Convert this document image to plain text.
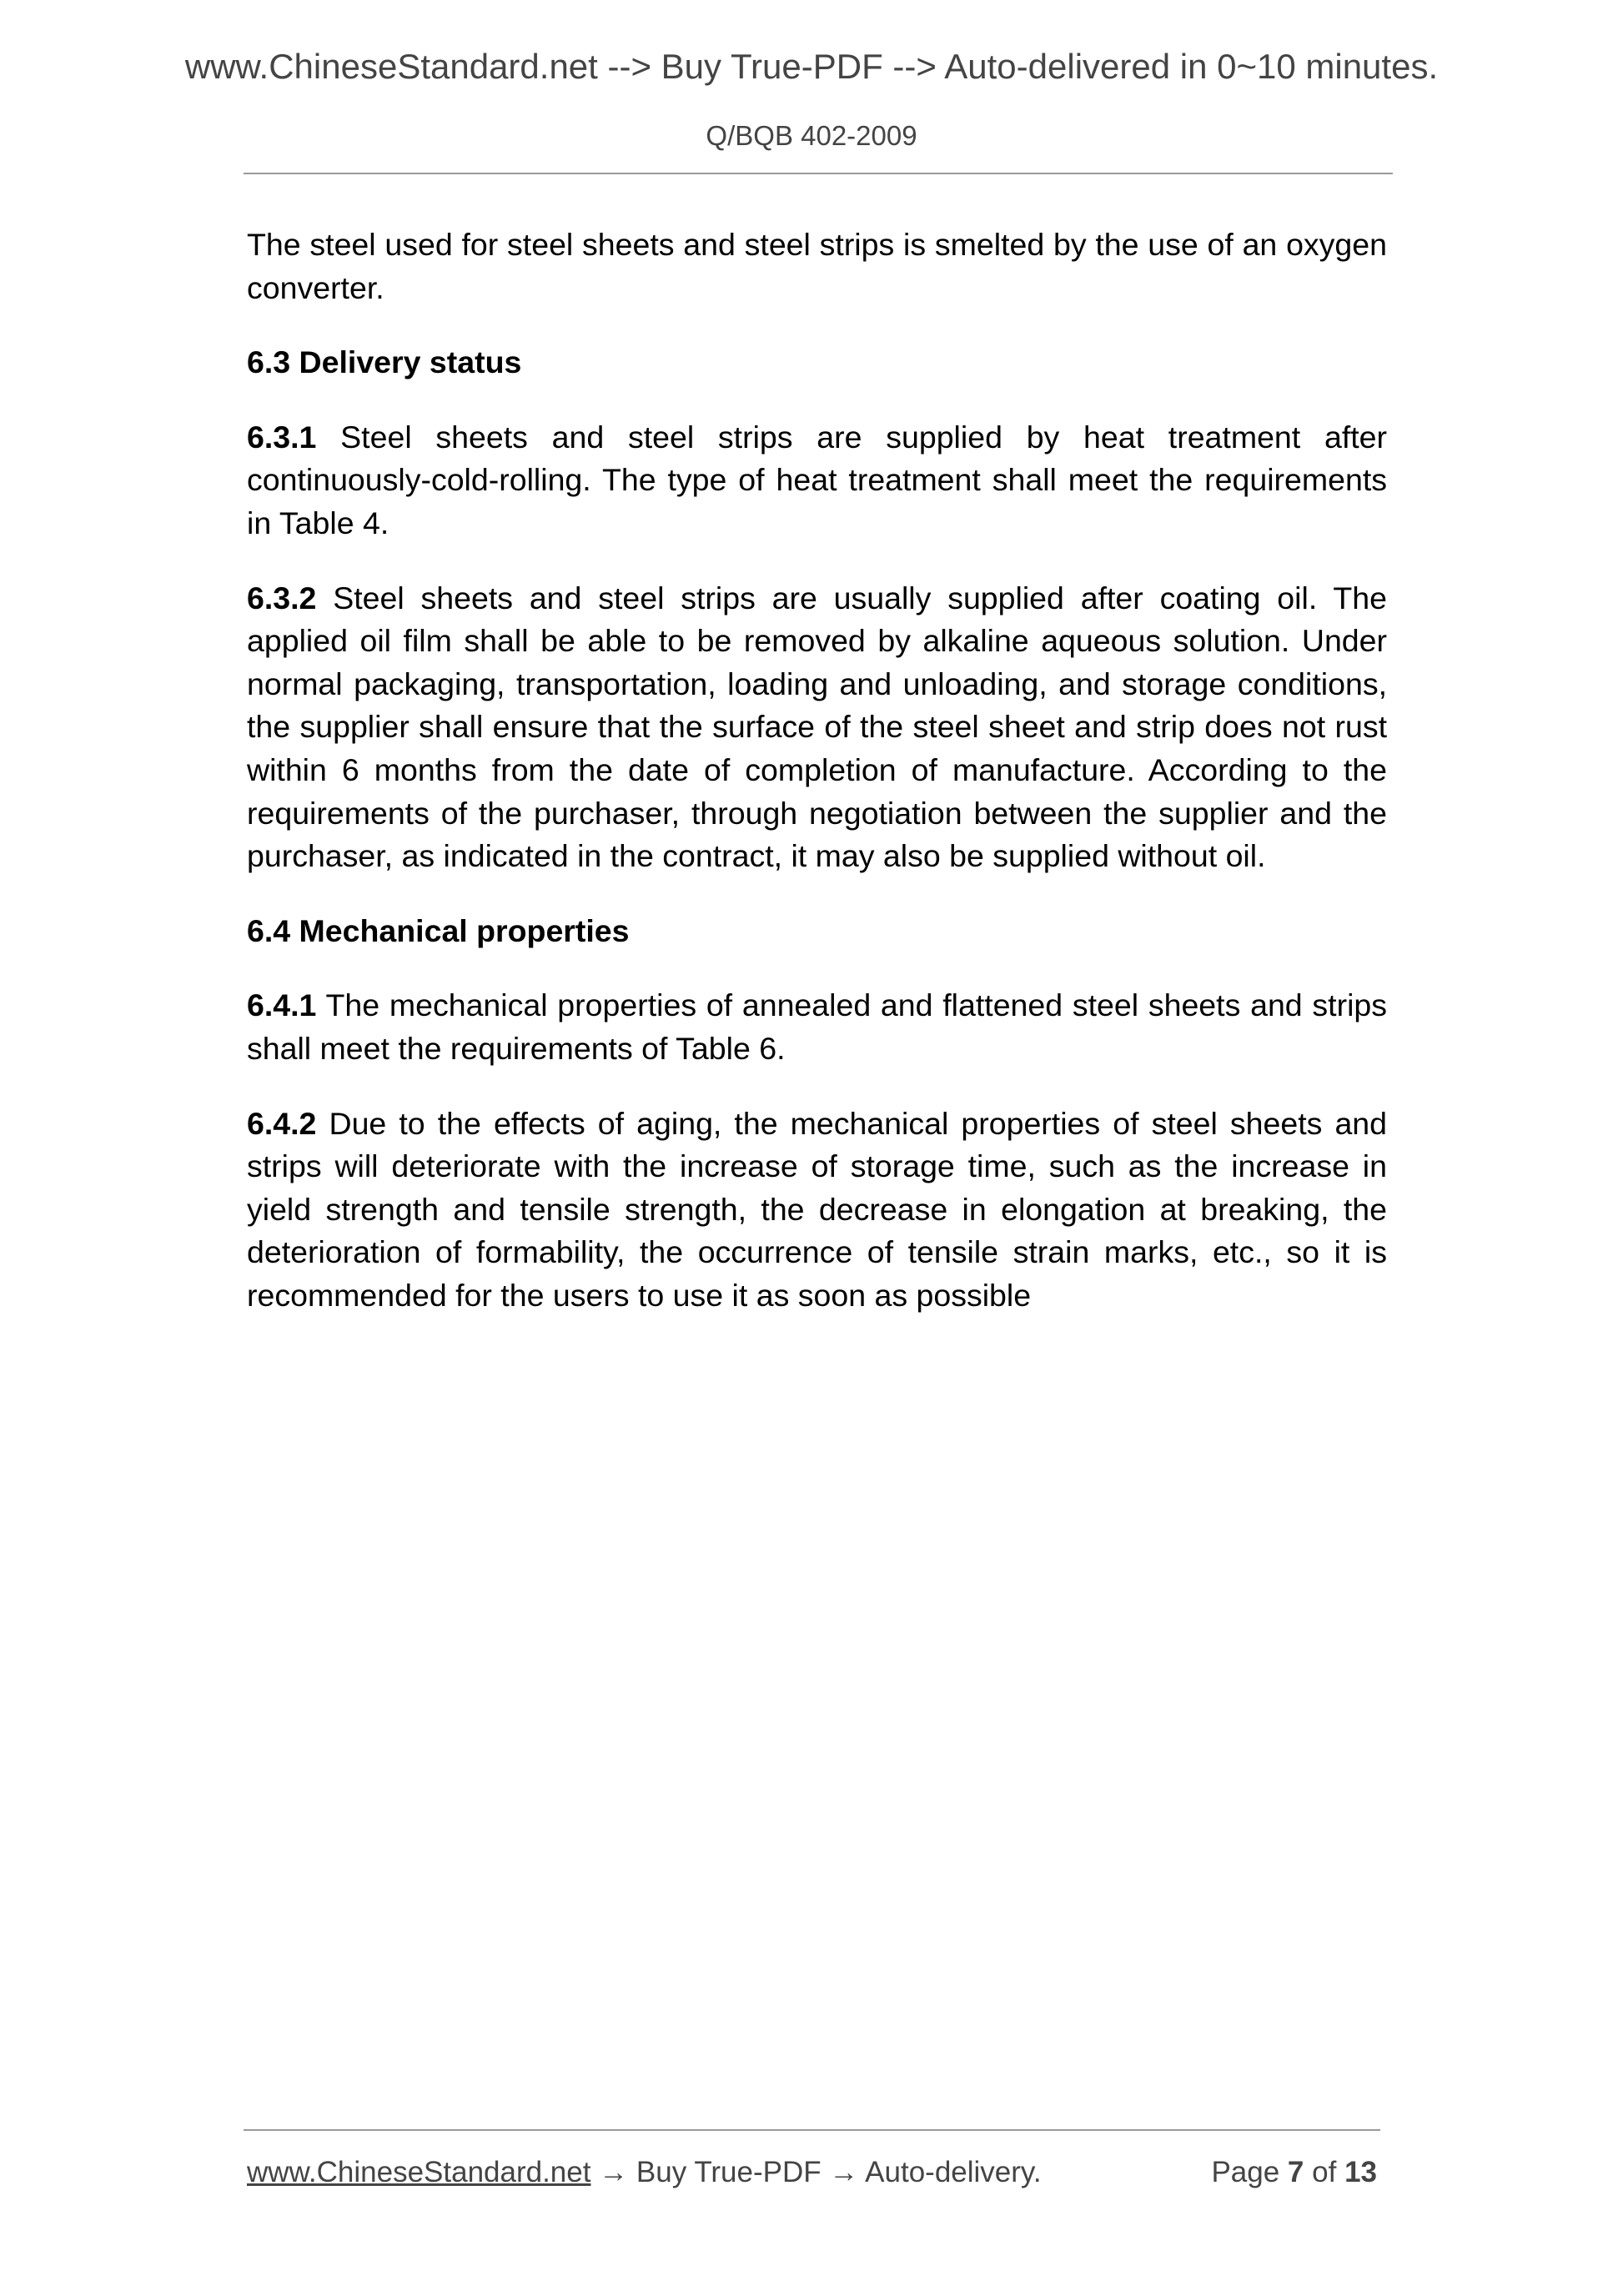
www.ChineseStandard.net --> Buy True-PDF --> Auto-delivered in 0~10 minutes.
Q/BQB 402-2009

The steel used for steel sheets and steel strips is smelted by the use of an oxygen converter.

6.3 Delivery status

6.3.1 Steel sheets and steel strips are supplied by heat treatment after continuously-cold-rolling. The type of heat treatment shall meet the requirements in Table 4.

6.3.2 Steel sheets and steel strips are usually supplied after coating oil. The applied oil film shall be able to be removed by alkaline aqueous solution. Under normal packaging, transportation, loading and unloading, and storage conditions, the supplier shall ensure that the surface of the steel sheet and strip does not rust within 6 months from the date of completion of manufacture. According to the requirements of the purchaser, through negotiation between the supplier and the purchaser, as indicated in the contract, it may also be supplied without oil.

6.4 Mechanical properties

6.4.1 The mechanical properties of annealed and flattened steel sheets and strips shall meet the requirements of Table 6.

6.4.2 Due to the effects of aging, the mechanical properties of steel sheets and strips will deteriorate with the increase of storage time, such as the increase in yield strength and tensile strength, the decrease in elongation at breaking, the deterioration of formability, the occurrence of tensile strain marks, etc., so it is recommended for the users to use it as soon as possible

www.ChineseStandard.net → Buy True-PDF → Auto-delivery.	Page 7 of 13
